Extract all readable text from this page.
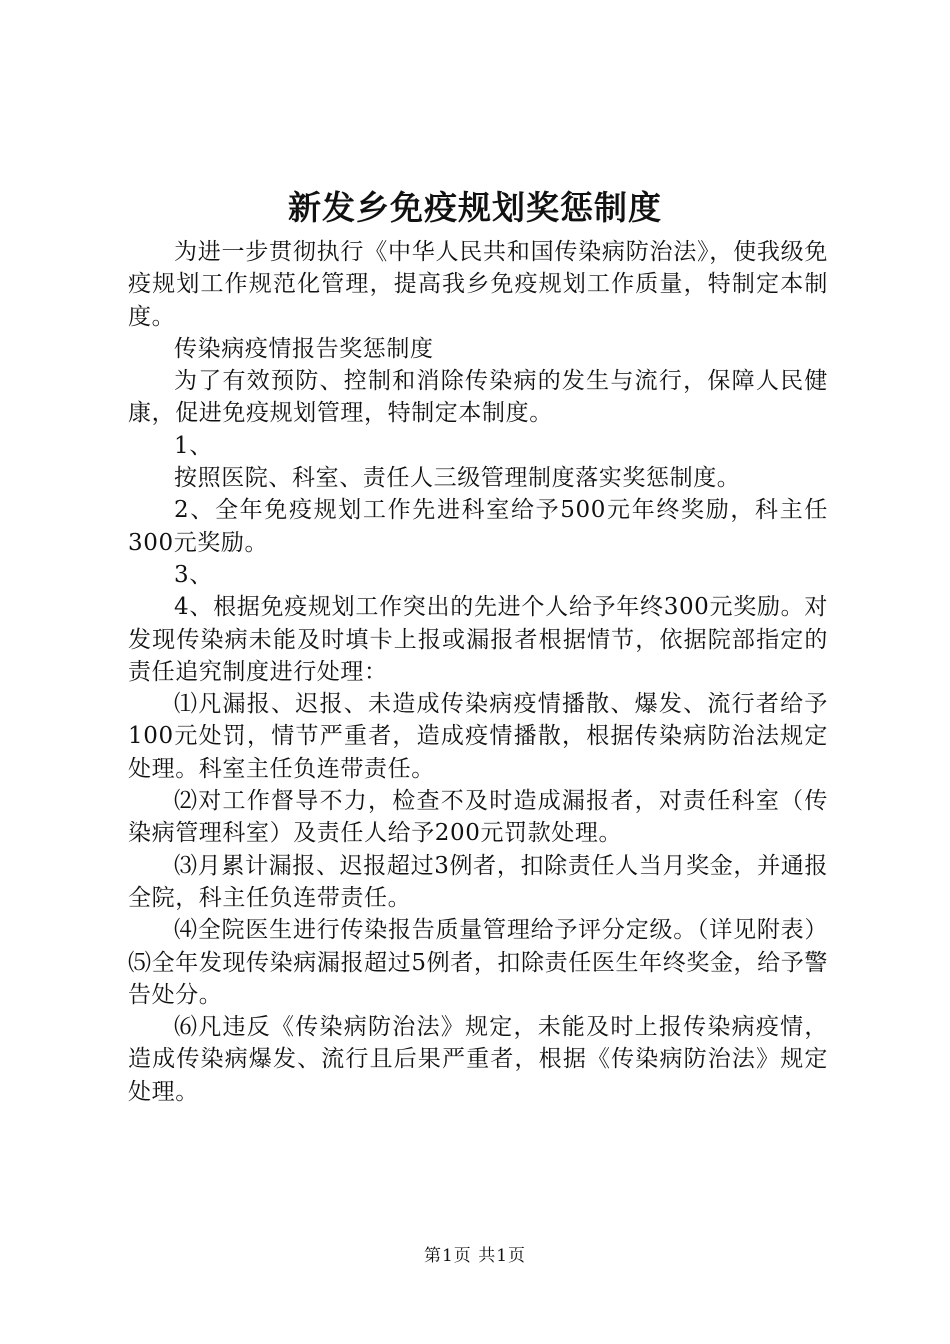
新发乡免疫规划奖惩制度

为进一步贯彻执行《中华人民共和国传染病防治法》，使我级免疫规划工作规范化管理，提高我乡免疫规划工作质量，特制定本制度。

传染病疫情报告奖惩制度

为了有效预防、控制和消除传染病的发生与流行，保障人民健康，促进免疫规划管理，特制定本制度。

1、

按照医院、科室、责任人三级管理制度落实奖惩制度。

2、全年免疫规划工作先进科室给予500元年终奖励，科主任300元奖励。

3、

4、根据免疫规划工作突出的先进个人给予年终300元奖励。对发现传染病未能及时填卡上报或漏报者根据情节，依据院部指定的责任追究制度进行处理：

⑴凡漏报、迟报、未造成传染病疫情播散、爆发、流行者给予100元处罚，情节严重者，造成疫情播散，根据传染病防治法规定处理。科室主任负连带责任。

⑵对工作督导不力，检查不及时造成漏报者，对责任科室（传染病管理科室）及责任人给予200元罚款处理。

⑶月累计漏报、迟报超过3例者，扣除责任人当月奖金，并通报全院，科主任负连带责任。

⑷全院医生进行传染报告质量管理给予评分定级。（详见附表）⑸全年发现传染病漏报超过5例者，扣除责任医生年终奖金，给予警告处分。

⑹凡违反《传染病防治法》规定，未能及时上报传染病疫情，造成传染病爆发、流行且后果严重者，根据《传染病防治法》规定处理。

第1页 共1页
